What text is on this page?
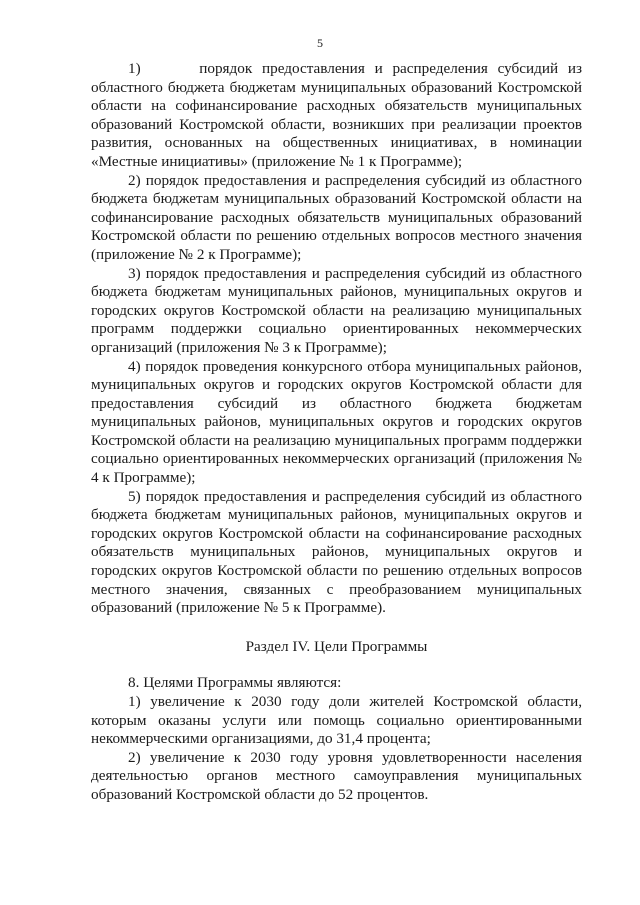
5

1)      порядок предоставления и распределения субсидий из областного бюджета бюджетам муниципальных образований Костромской области на софинансирование расходных обязательств муниципальных образований Костромской области, возникших при реализации проектов развития, основанных на общественных инициативах, в номинации «Местные инициативы» (приложение № 1 к Программе);

2) порядок предоставления и распределения субсидий из областного бюджета бюджетам муниципальных образований Костромской области на софинансирование расходных обязательств муниципальных образований Костромской области по решению отдельных вопросов местного значения (приложение № 2 к Программе);

3) порядок предоставления и распределения субсидий из областного бюджета бюджетам муниципальных районов, муниципальных округов и городских округов Костромской области на реализацию муниципальных программ поддержки социально ориентированных некоммерческих организаций (приложения № 3 к Программе);

4) порядок проведения конкурсного отбора муниципальных районов, муниципальных округов и городских округов Костромской области для предоставления субсидий из областного бюджета бюджетам муниципальных районов, муниципальных округов и городских округов Костромской области на реализацию муниципальных программ поддержки социально ориентированных некоммерческих организаций (приложения № 4 к Программе);

5) порядок предоставления и распределения субсидий из областного бюджета бюджетам муниципальных районов, муниципальных округов и городских округов Костромской области на софинансирование расходных обязательств муниципальных районов, муниципальных округов и городских округов Костромской области по решению отдельных вопросов местного значения, связанных с преобразованием муниципальных образований (приложение № 5 к Программе).

Раздел IV. Цели Программы

8. Целями Программы являются:

1) увеличение к 2030 году доли жителей Костромской области, которым оказаны услуги или помощь социально ориентированными некоммерческими организациями, до 31,4 процента;

2) увеличение к 2030 году уровня удовлетворенности населения деятельностью органов местного самоуправления муниципальных образований Костромской области до 52 процентов.
